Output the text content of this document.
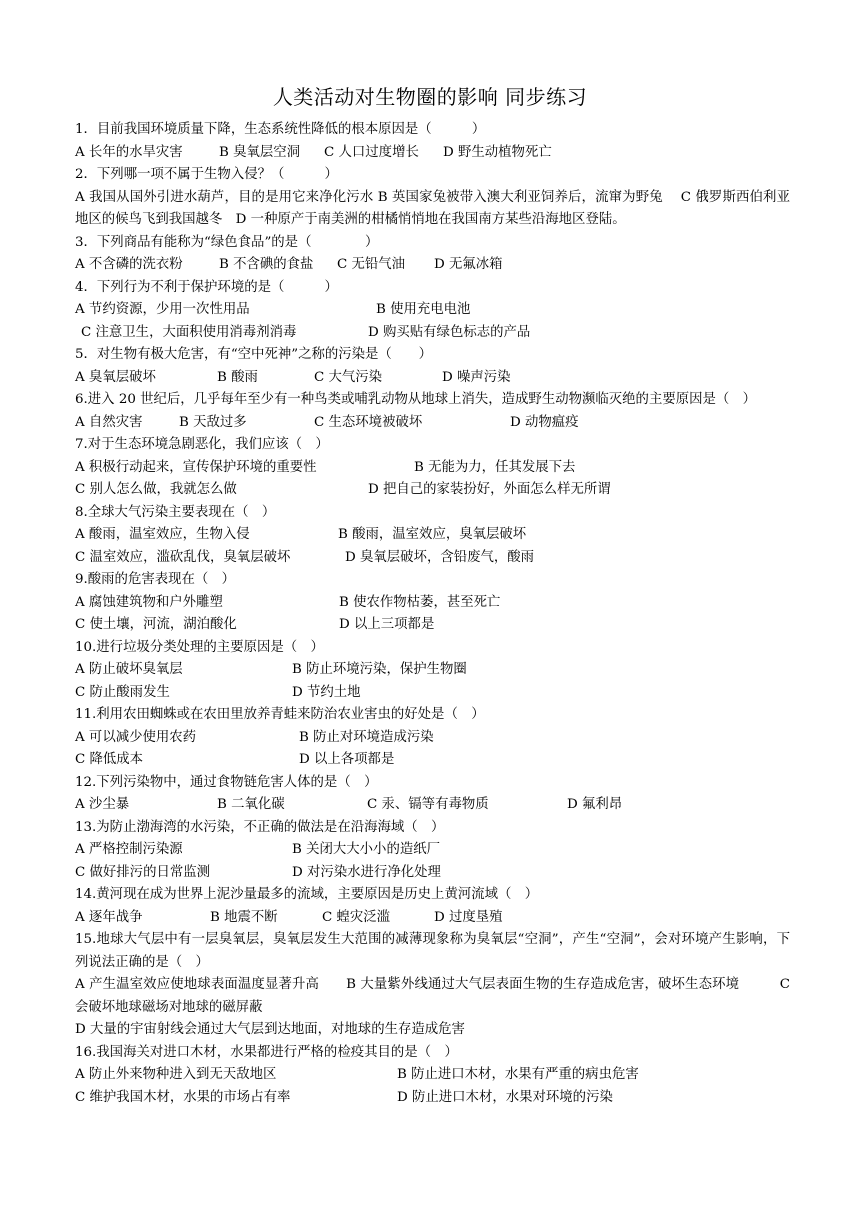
人类活动对生物圈的影响 同步练习
1．目前我国环境质量下降，生态系统性降低的根本原因是（　　　）
A 长年的水旱灾害	B 臭氧层空洞 C 人口过度增长 D 野生动植物死亡
2．下列哪一项不属于生物入侵？（　　　）
A 我国从国外引进水葫芦，目的是用它来净化污水 B 英国家兔被带入澳大利亚饲养后，流窜为野兔　 C 俄罗斯西伯利亚地区的候鸟飞到我国越冬　D 一种原产于南美洲的柑橘悄悄地在我国南方某些沿海地区登陆。
3．下列商品有能称为“绿色食品”的是（　　　　）
A 不含磷的洗衣粉	B 不含碘的食盐 C 无铅气油 D 无氟冰箱
4．下列行为不利于保护环境的是（　　　）
A 节约资源，少用一次性用品	B 使用充电电池
C 注意卫生，大面积使用消毒剂消毒	D 购买贴有绿色标志的产品
5．对生物有极大危害，有“空中死神”之称的污染是（　　）
A 臭氧层破坏	B 酸雨	C 大气污染	D 噪声污染
6.进入 20 世纪后，几乎每年至少有一种鸟类或哺乳动物从地球上消失，造成野生动物濒临灭绝的主要原因是（　）
A 自然灾害	B 天敌过多	C 生态环境被破坏	D 动物瘟疫
7.对于生态环境急剧恶化，我们应该（　）
A 积极行动起来，宣传保护环境的重要性	B 无能为力，任其发展下去
C 别人怎么做，我就怎么做	D 把自己的家装扮好，外面怎么样无所谓
8.全球大气污染主要表现在（　）
A 酸雨，温室效应，生物入侵	B 酸雨，温室效应，臭氧层破坏
C 温室效应，滥砍乱伐，臭氧层破坏	D 臭氧层破坏，含铅废气，酸雨
9.酸雨的危害表现在（　）
A 腐蚀建筑物和户外雕塑	B 使农作物枯萎，甚至死亡
C 使土壤，河流，湖泊酸化	D 以上三项都是
10.进行垃圾分类处理的主要原因是（　）
A 防止破坏臭氧层	B 防止环境污染，保护生物圈
C 防止酸雨发生	D 节约土地
11.利用农田蜘蛛或在农田里放养青蛙来防治农业害虫的好处是（　）
A 可以减少使用农药	B 防止对环境造成污染
C 降低成本	D 以上各项都是
12.下列污染物中，通过食物链危害人体的是（　）
A 沙尘暴	B 二氧化碳	C 汞、镉等有毒物质	D 氟利昂
13.为防止渤海湾的水污染，不正确的做法是在沿海海域（　）
A 严格控制污染源	B 关闭大大小小的造纸厂
C 做好排污的日常监测	D 对污染水进行净化处理
14.黄河现在成为世界上泥沙量最多的流域，主要原因是历史上黄河流域（　）
A 逐年战争	B 地震不断	C 蝗灾泛滥	D 过度垦殖
15.地球大气层中有一层臭氧层，臭氧层发生大范围的减薄现象称为臭氧层“空洞”，产生“空洞”，会对环境产生影响，下列说法正确的是（　）
A 产生温室效应使地球表面温度显著升高　　B 大量紫外线通过大气层表面生物的生存造成危害，破坏生态环境　　　C 会破坏地球磁场对地球的磁屏蔽
D 大量的宇宙射线会通过大气层到达地面，对地球的生存造成危害
16.我国海关对进口木材，水果都进行严格的检疫其目的是（　）
A 防止外来物种进入到无天敌地区	B 防止进口木材，水果有严重的病虫危害
C 维护我国木材，水果的市场占有率	D 防止进口木材，水果对环境的污染
